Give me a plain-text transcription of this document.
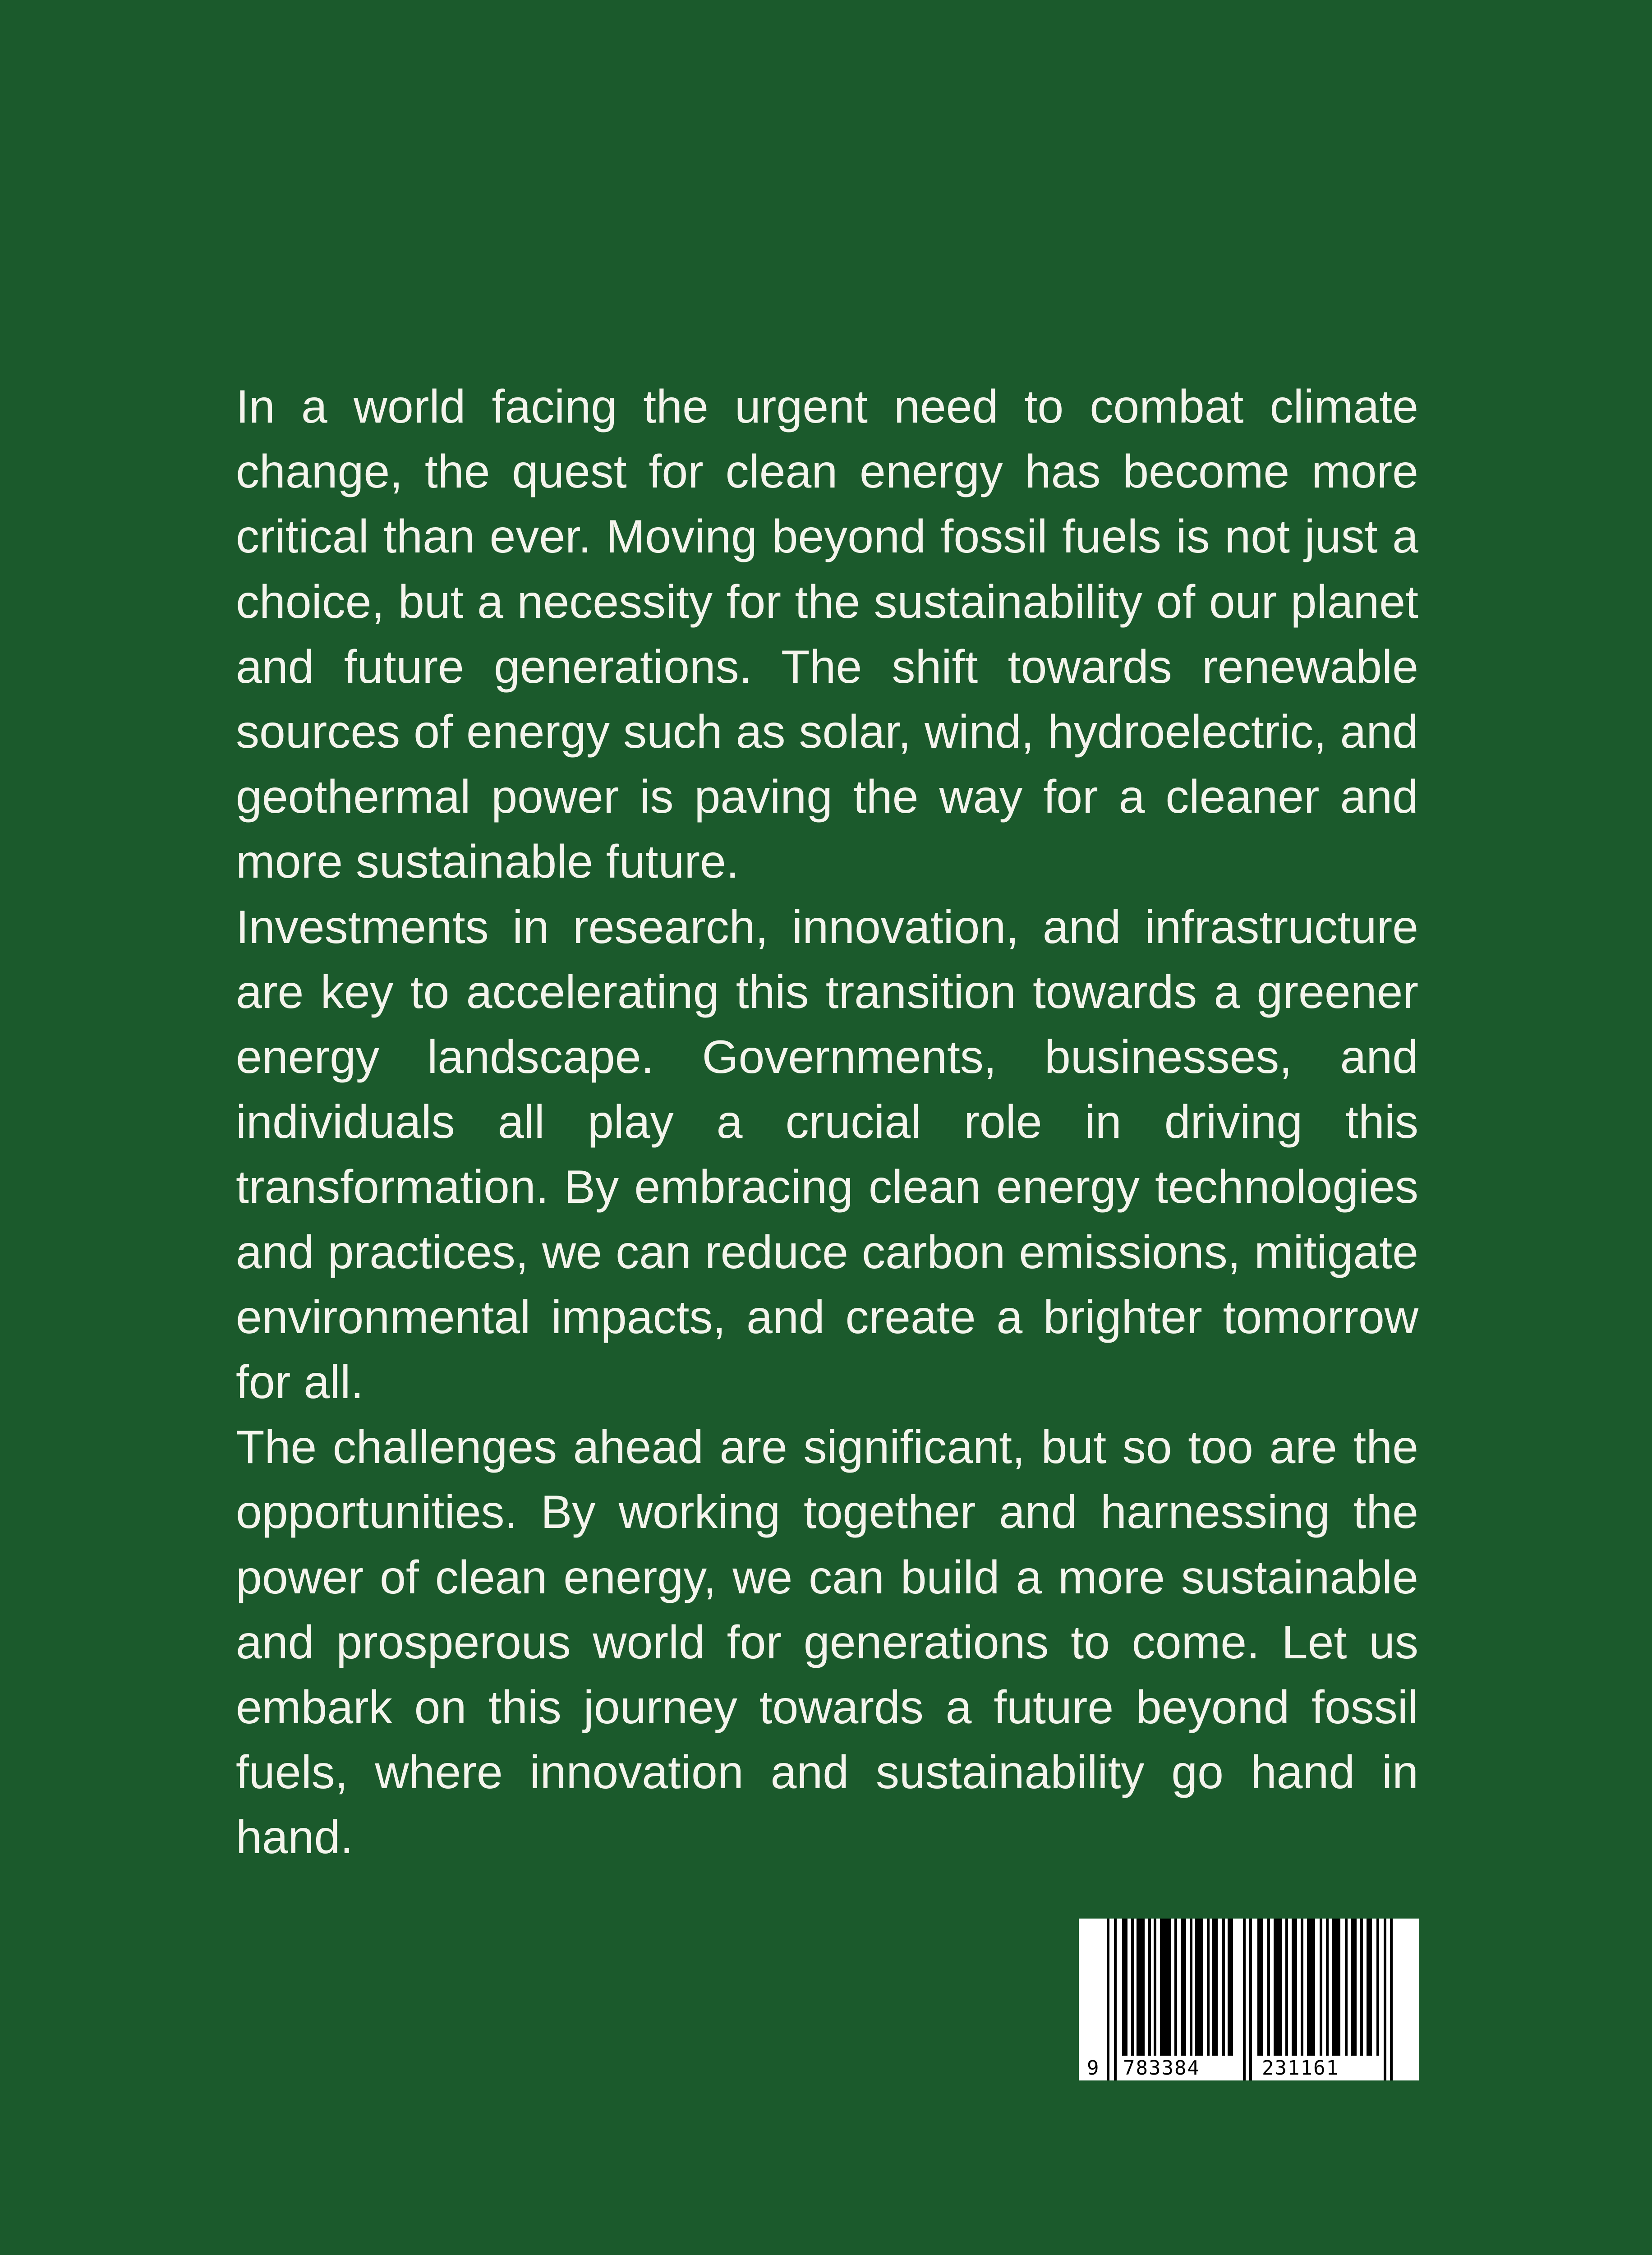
In a world facing the urgent need to combat climate change, the quest for clean energy has become more critical than ever. Moving beyond fossil fuels is not just a choice, but a necessity for the sustainability of our planet and future generations. The shift towards renewable sources of energy such as solar, wind, hydroelectric, and geothermal power is paving the way for a cleaner and more sustainable future.

Investments in research, innovation, and infrastructure are key to accelerating this transition towards a greener energy landscape. Governments, businesses, and individuals all play a crucial role in driving this transformation. By embracing clean energy technologies and practices, we can reduce carbon emissions, mitigate environmental impacts, and create a brighter tomorrow for all.

The challenges ahead are significant, but so too are the opportunities. By working together and harnessing the power of clean energy, we can build a more sustainable and prosperous world for generations to come. Let us embark on this journey towards a future beyond fossil fuels, where innovation and sustainability go hand in hand.

9 783384	231161
